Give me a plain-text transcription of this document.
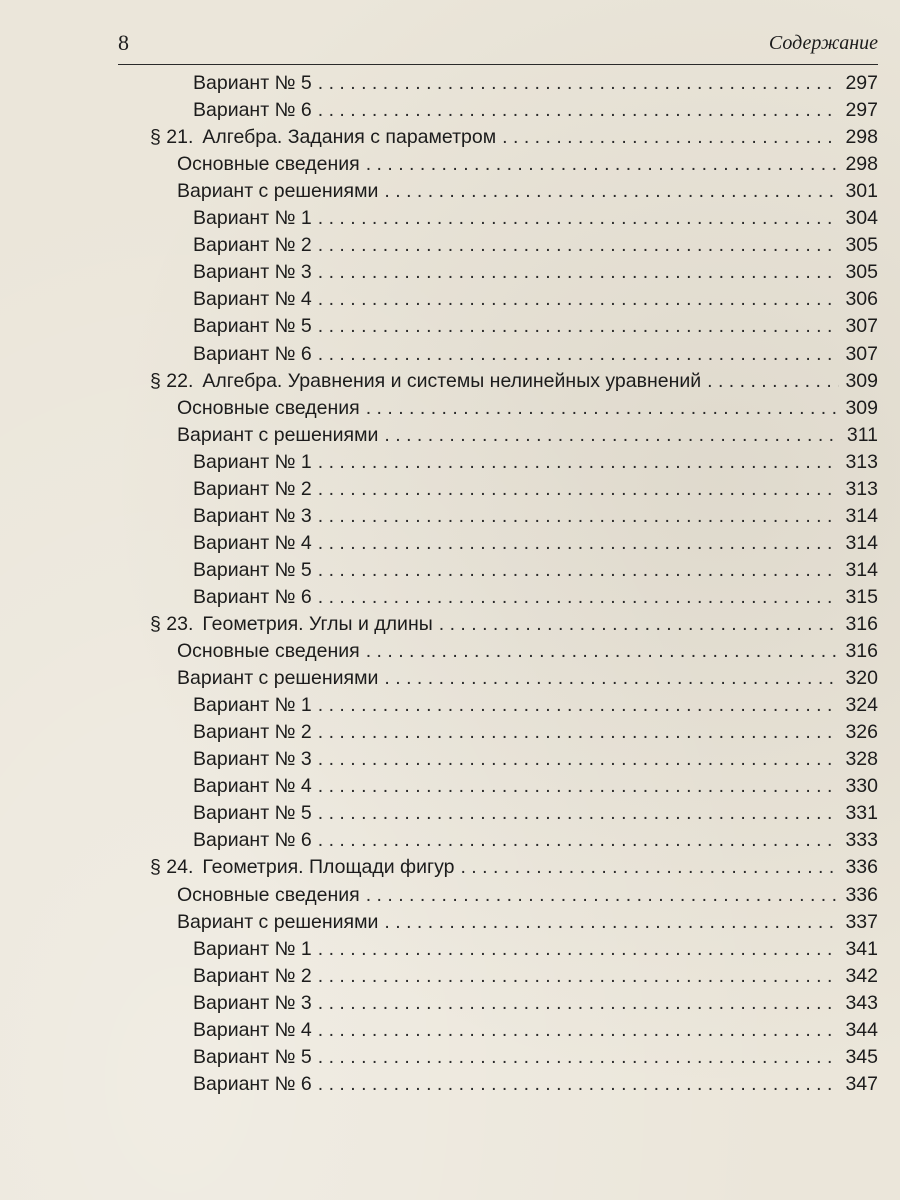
8	Содержание
Вариант № 5 . . .	297
Вариант № 6 . . .	297
§ 21. Алгебра. Задания с параметром . . .	298
Основные сведения . . .	298
Вариант с решениями . . .	301
Вариант № 1 . . .	304
Вариант № 2 . . .	305
Вариант № 3 . . .	305
Вариант № 4 . . .	306
Вариант № 5 . . .	307
Вариант № 6 . . .	307
§ 22. Алгебра. Уравнения и системы нелинейных уравнений . . .	309
Основные сведения . . .	309
Вариант с решениями . . .	311
Вариант № 1 . . .	313
Вариант № 2 . . .	313
Вариант № 3 . . .	314
Вариант № 4 . . .	314
Вариант № 5 . . .	314
Вариант № 6 . . .	315
§ 23. Геометрия. Углы и длины . . .	316
Основные сведения . . .	316
Вариант с решениями . . .	320
Вариант № 1 . . .	324
Вариант № 2 . . .	326
Вариант № 3 . . .	328
Вариант № 4 . . .	330
Вариант № 5 . . .	331
Вариант № 6 . . .	333
§ 24. Геометрия. Площади фигур . . .	336
Основные сведения . . .	336
Вариант с решениями . . .	337
Вариант № 1 . . .	341
Вариант № 2 . . .	342
Вариант № 3 . . .	343
Вариант № 4 . . .	344
Вариант № 5 . . .	345
Вариант № 6 . . .	347
